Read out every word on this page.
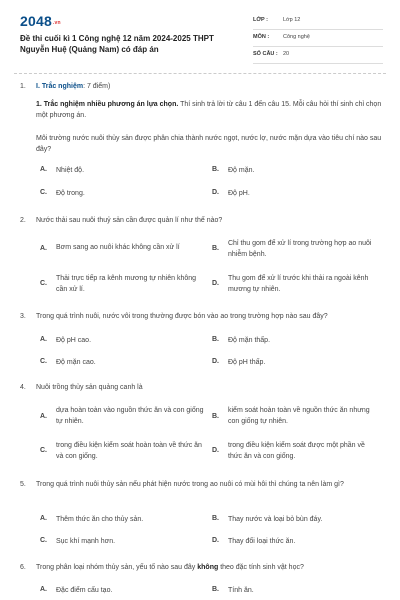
$2048^{.vn}$
Đề thi cuối kì 1 Công nghệ 12 năm 2024-2025 THPT Nguyễn Huệ (Quảng Nam) có đáp án
LỚP :	Lớp 12
MÔN :	Công nghệ
SỐ CÂU : 20
1. I. Trắc nghiệm: 7 điểm)
1. Trắc nghiệm nhiều phương án lựa chọn. Thí sinh trả lời từ câu 1 đến câu 15. Mỗi câu hỏi thí sinh chỉ chọn một phương án.
Môi trường nước nuôi thủy sản được phân chia thành nước ngọt, nước lợ, nước mặn dựa vào tiêu chí nào sau đây?
A. Nhiệt độ.	B. Độ mặn.
C. Độ trong.	D. Độ pH.
2. Nước thải sau nuôi thuỷ sản cần được quản lí như thế nào?
A. Bơm sang ao nuôi khác không cần xử lí	B.
Chỉ thu gom để xử lí trong trường hợp ao nuôi nhiễm bệnh.
C.
Thải trực tiếp ra kênh mương tự nhiên không cần xử lí.
D.
Thu gom để xử lí trước khi thải ra ngoài kênh mương tự nhiên.
3. Trong quá trình nuôi, nước vôi trong thường được bón vào ao trong trường hợp nào sau đây?
A. Độ pH cao.	B. Độ mặn thấp.
C. Độ mặn cao.	D. Độ pH thấp.
4. Nuôi trồng thủy sản quảng canh là
A.
dựa hoàn toàn vào nguồn thức ăn và con giống tự nhiên.
B.
kiểm soát hoàn toàn về nguồn thức ăn nhưng con giống tự nhiên.
C.
trong điều kiện kiểm soát hoàn toàn về thức ăn và con giống.
D.
trong điều kiện kiểm soát được một phần về thức ăn và con giống.
5. Trong quá trình nuôi thủy sản nếu phát hiện nước trong ao nuôi có mùi hôi thì chúng ta nên làm gì?
A. Thêm thức ăn cho thủy sản.	B. Thay nước và loại bỏ bùn đáy.
C. Sục khí mạnh hơn.	D. Thay đổi loại thức ăn.
6. Trong phân loại nhóm thủy sản, yếu tố nào sau đây không theo đặc tính sinh vật học?
A. Đặc điểm cấu tạo.	B. Tính ăn.
